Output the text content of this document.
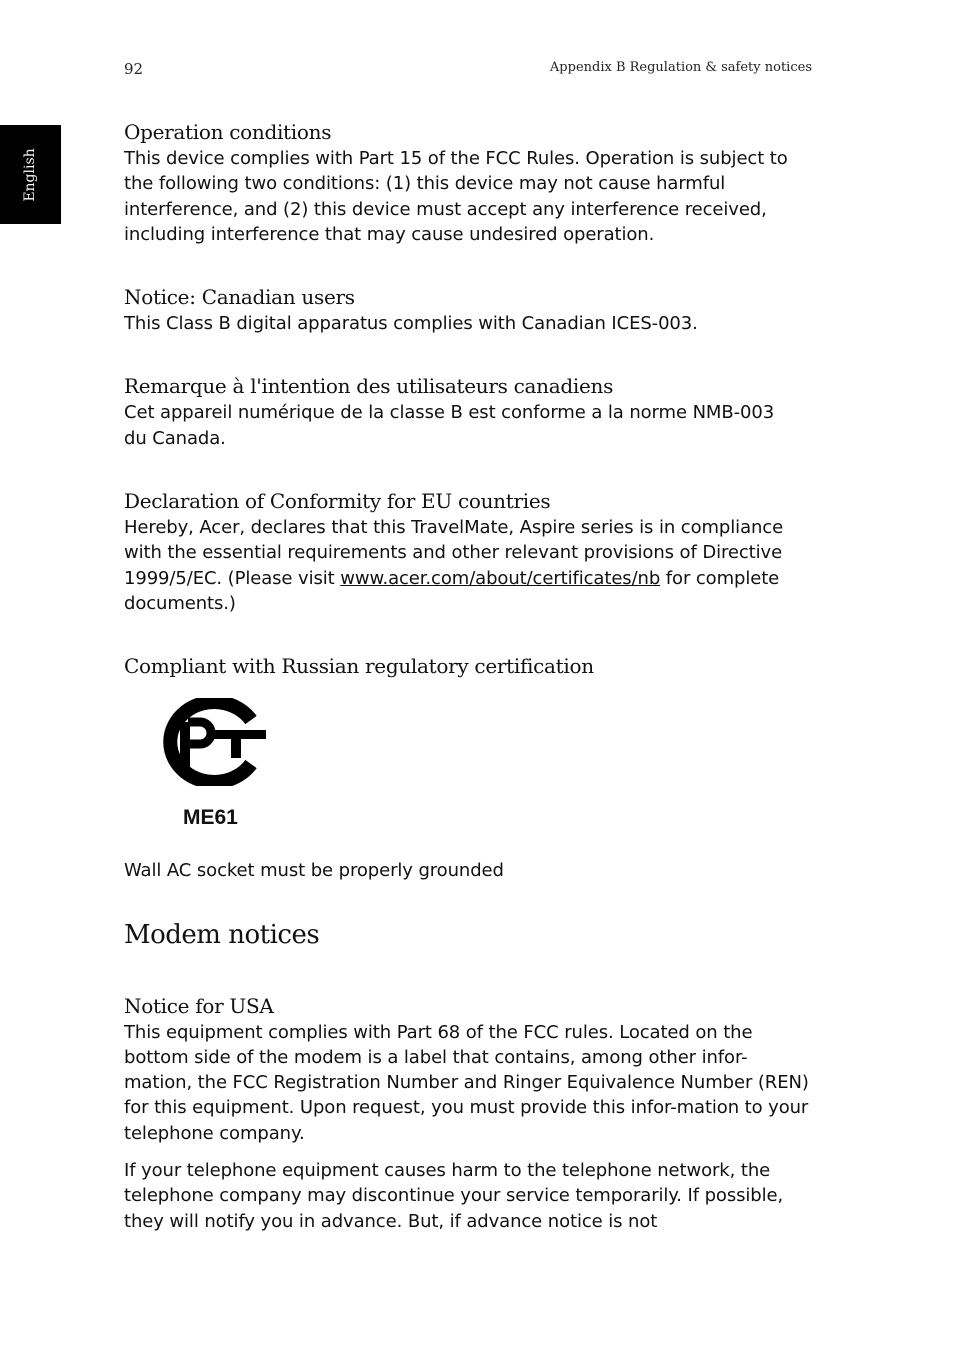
92	Appendix B Regulation & safety notices
English
Operation conditions

This device complies with Part 15 of the FCC Rules. Operation is subject to the following two conditions: (1) this device may not cause harmful interference, and (2) this device must accept any interference received, including interference that may cause undesired operation.

Notice: Canadian users

This Class B digital apparatus complies with Canadian ICES-003.

Remarque à l'intention des utilisateurs canadiens

Cet appareil numérique de la classe B est conforme a la norme NMB-003 du Canada.

Declaration of Conformity for EU countries

Hereby, Acer, declares that this TravelMate, Aspire series is in compliance with the essential requirements and other relevant provisions of Directive 1999/5/EC. (Please visit www.acer.com/about/certificates/nb for complete documents.)

Compliant with Russian regulatory certification
ME61

Wall AC socket must be properly grounded

Modem notices
Notice for USA

This equipment complies with Part 68 of the FCC rules. Located on the bottom side of the modem is a label that contains, among other infor-mation, the FCC Registration Number and Ringer Equivalence Number (REN) for this equipment. Upon request, you must provide this infor-mation to your telephone company.

If your telephone equipment causes harm to the telephone network, the telephone company may discontinue your service temporarily. If possible, they will notify you in advance. But, if advance notice is not
